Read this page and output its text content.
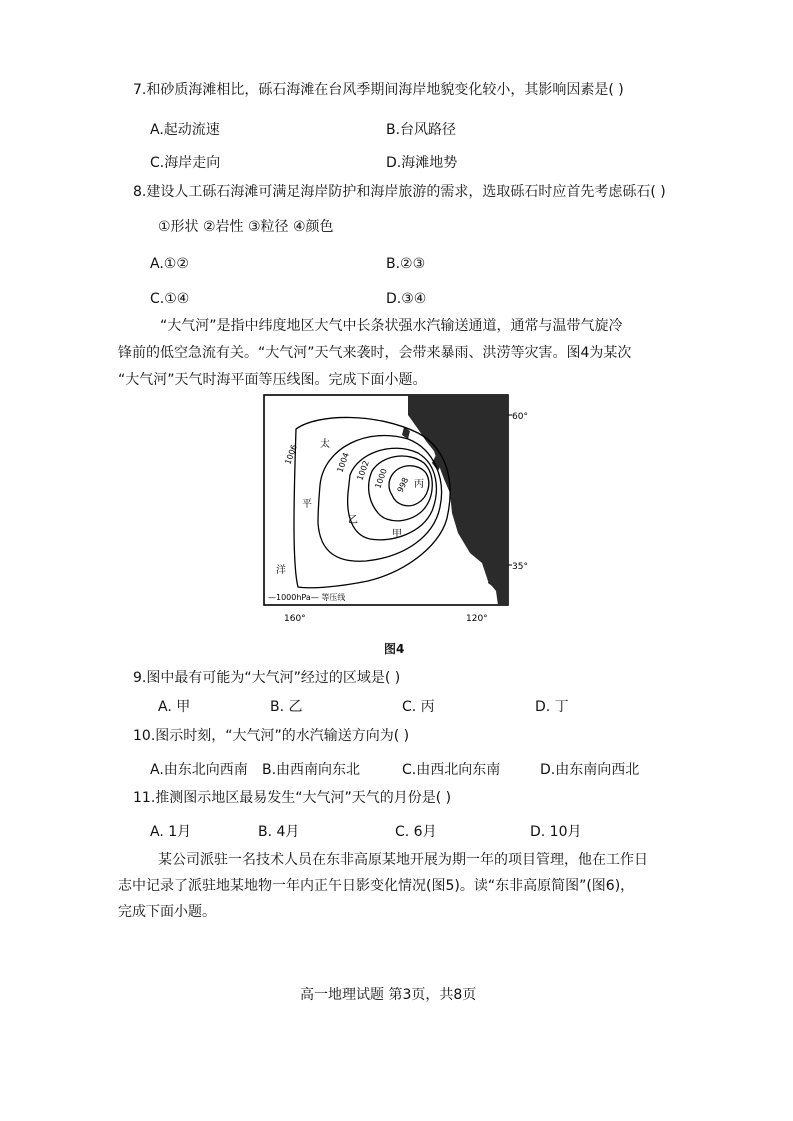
7.和砂质海滩相比，砾石海滩在台风季期间海岸地貌变化较小，其影响因素是( )
A.起动流速	B.台风路径
C.海岸走向	D.海滩地势
8.建设人工砾石海滩可满足海岸防护和海岸旅游的需求，选取砾石时应首先考虑砾石( )
①形状 ②岩性 ③粒径 ④颜色
A.①②	B.②③
C.①④	D.③④
“大气河”是指中纬度地区大气中长条状强水汽输送通道，通常与温带气旋冷
锋前的低空急流有关。“大气河”天气来袭时，会带来暴雨、洪涝等灾害。图4为某次
“大气河”天气时海平面等压线图。完成下面小题。
1006	1004 1002 1000 998
太
平
洋
乙
甲
丙
60°
35°
—1000hPa— 等压线
160°	120°
图4
9.图中最有可能为“大气河”经过的区域是( )
A. 甲	B. 乙	C. 丙	D. 丁
10.图示时刻，“大气河”的水汽输送方向为( )
A.由东北向西南 B.由西南向东北	C.由西北向东南	D.由东南向西北
11.推测图示地区最易发生“大气河”天气的月份是( )
A. 1月	B. 4月	C. 6月	D. 10月
某公司派驻一名技术人员在东非高原某地开展为期一年的项目管理，他在工作日
志中记录了派驻地某地物一年内正午日影变化情况(图5)。读“东非高原简图”(图6)，
完成下面小题。
高一地理试题 第3页，共8页
